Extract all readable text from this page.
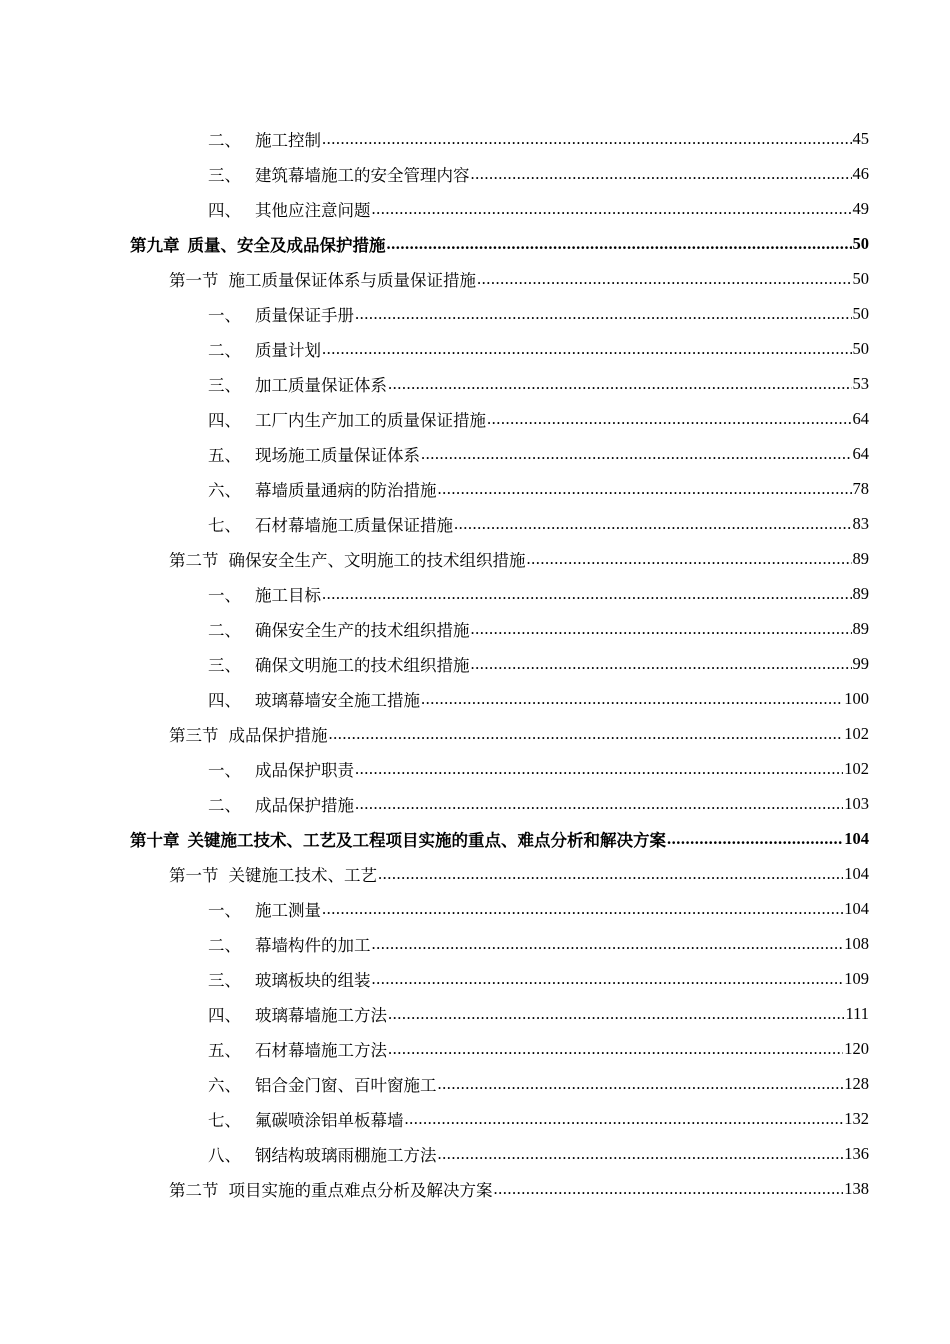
二、 施工控制 .....	45
三、 建筑幕墙施工的安全管理内容 .....	46
四、 其他应注意问题 .....	49
第九章 质量、安全及成品保护措施 .....	50
第一节 施工质量保证体系与质量保证措施 .....	50
一、 质量保证手册 .....	50
二、 质量计划 .....	50
三、 加工质量保证体系 .....	53
四、 工厂内生产加工的质量保证措施 .....	64
五、 现场施工质量保证体系 .....	64
六、 幕墙质量通病的防治措施 .....	78
七、 石材幕墙施工质量保证措施 .....	83
第二节 确保安全生产、文明施工的技术组织措施 .....	89
一、 施工目标 .....	89
二、 确保安全生产的技术组织措施 .....	89
三、 确保文明施工的技术组织措施 .....	99
四、 玻璃幕墙安全施工措施 .....	100
第三节 成品保护措施 .....	102
一、 成品保护职责 .....	102
二、 成品保护措施 .....	103
第十章 关键施工技术、工艺及工程项目实施的重点、难点分析和解决方案 .....	104
第一节 关键施工技术、工艺 .....	104
一、 施工测量 .....	104
二、 幕墙构件的加工 .....	108
三、 玻璃板块的组装 .....	109
四、 玻璃幕墙施工方法 .....	111
五、 石材幕墙施工方法 .....	120
六、 铝合金门窗、百叶窗施工 .....	128
七、 氟碳喷涂铝单板幕墙 .....	132
八、 钢结构玻璃雨棚施工方法 .....	136
第二节 项目实施的重点难点分析及解决方案 .....	138
